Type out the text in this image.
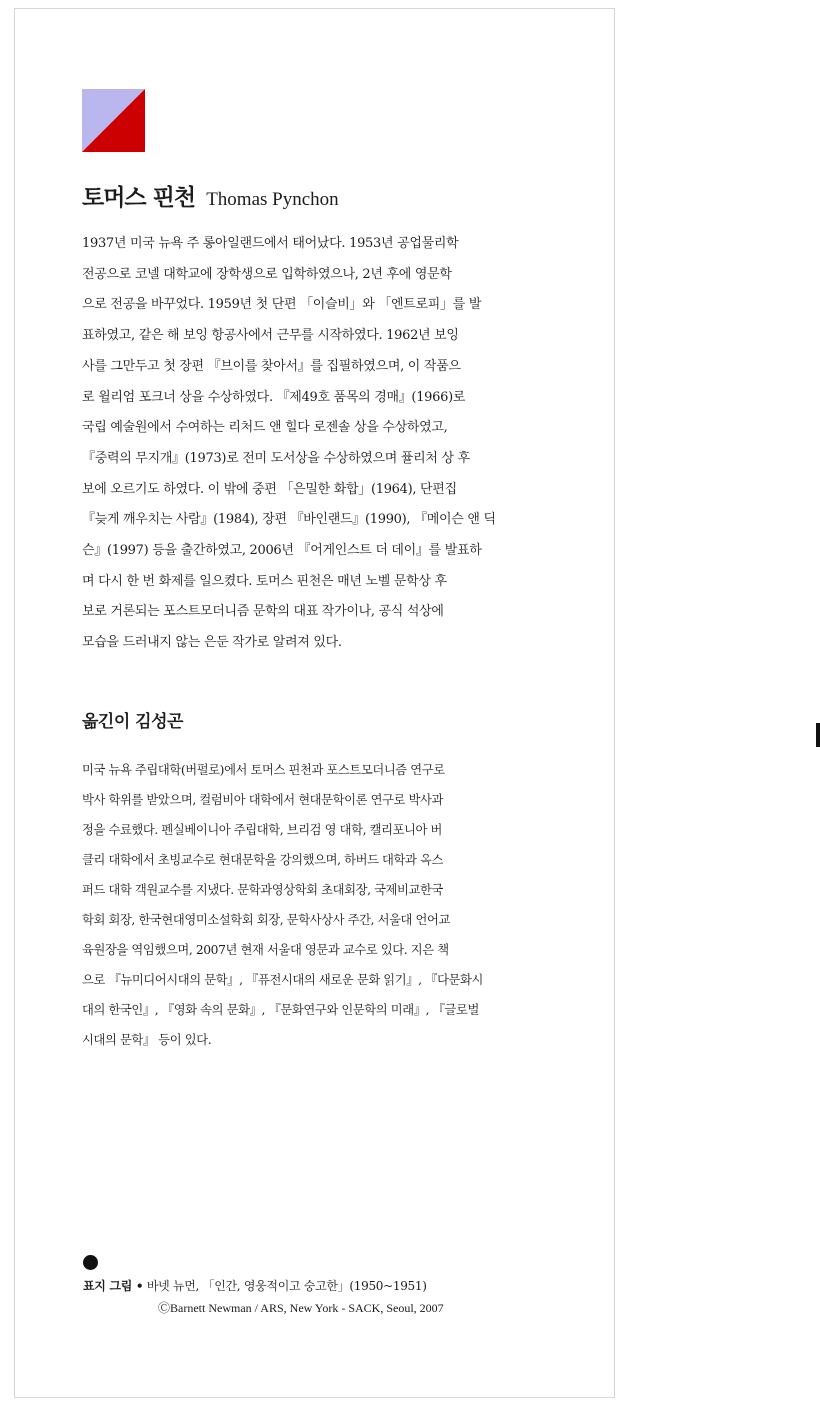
토머스 핀천 Thomas Pynchon
1937년 미국 뉴욕 주 롱아일랜드에서 태어났다. 1953년 공업물리학
전공으로 코넬 대학교에 장학생으로 입학하였으나, 2년 후에 영문학
으로 전공을 바꾸었다. 1959년 첫 단편 「이슬비」와 「엔트로피」를 발
표하였고, 같은 해 보잉 항공사에서 근무를 시작하였다. 1962년 보잉
사를 그만두고 첫 장편 『브이를 찾아서』를 집필하였으며, 이 작품으
로 윌리엄 포크너 상을 수상하였다. 『제49호 품목의 경매』(1966)로
국립 예술원에서 수여하는 리처드 앤 힐다 로젠솔 상을 수상하였고,
『중력의 무지개』(1973)로 전미 도서상을 수상하였으며 퓰리처 상 후
보에 오르기도 하였다. 이 밖에 중편 「은밀한 화합」(1964), 단편집
『늦게 깨우치는 사람』(1984), 장편 『바인랜드』(1990), 『메이슨 앤 딕
슨』(1997) 등을 출간하였고, 2006년 『어게인스트 더 데이』를 발표하
며 다시 한 번 화제를 일으켰다. 토머스 핀천은 매년 노벨 문학상 후
보로 거론되는 포스트모더니즘 문학의 대표 작가이나, 공식 석상에
모습을 드러내지 않는 은둔 작가로 알려져 있다.
옮긴이 김성곤
미국 뉴욕 주립대학(버펄로)에서 토머스 핀천과 포스트모더니즘 연구로
박사 학위를 받았으며, 컬럼비아 대학에서 현대문학이론 연구로 박사과
정을 수료했다. 펜실베이니아 주립대학, 브리검 영 대학, 캘리포니아 버
클리 대학에서 초빙교수로 현대문학을 강의했으며, 하버드 대학과 옥스
퍼드 대학 객원교수를 지냈다. 문학과영상학회 초대회장, 국제비교한국
학회 회장, 한국현대영미소설학회 회장, 문학사상사 주간, 서울대 언어교
육원장을 역임했으며, 2007년 현재 서울대 영문과 교수로 있다. 지은 책
으로 『뉴미디어시대의 문학』, 『퓨전시대의 새로운 문화 읽기』, 『다문화시
대의 한국인』, 『영화 속의 문화』, 『문화연구와 인문학의 미래』, 『글로벌
시대의 문학』 등이 있다.
표지 그림 • 바넷 뉴먼, 「인간, 영웅적이고 숭고한」(1950~1951)
ⒸBarnett Newman / ARS, New York - SACK, Seoul, 2007
